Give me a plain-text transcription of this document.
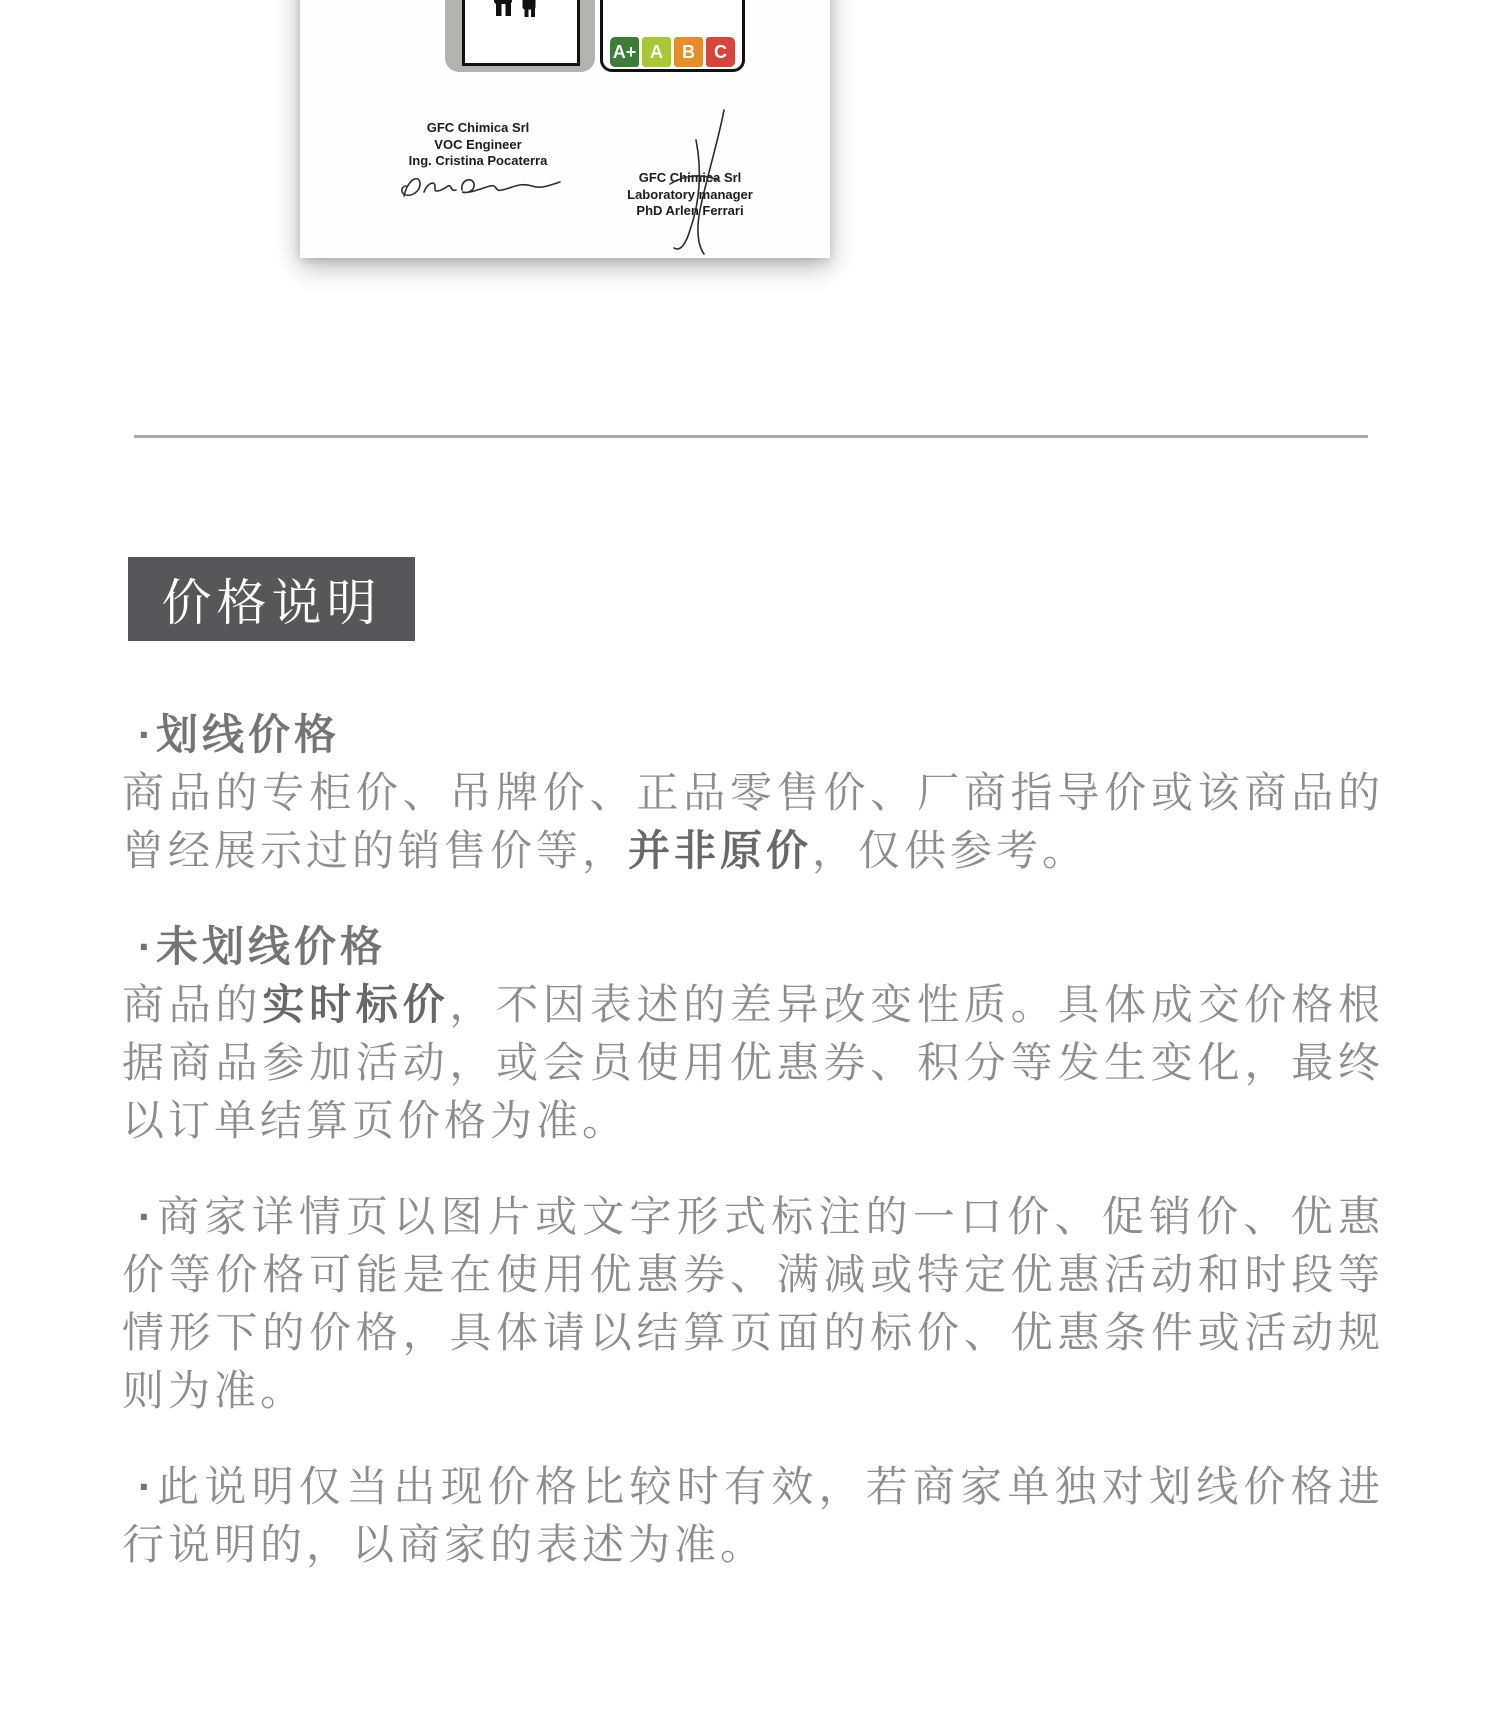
A+ A	B	C
GFC Chimica Srl
VOC Engineer
Ing. Cristina Pocaterra
GFC Chimica Srl
Laboratory manager
PhD Arlen Ferrari
价格说明

·划线价格

商品的专柜价、吊牌价、正品零售价、厂商指导价或该商品的曾经展示过的销售价等，并非原价，仅供参考。

·未划线价格

商品的实时标价，不因表述的差异改变性质。具体成交价格根据商品参加活动，或会员使用优惠券、积分等发生变化，最终以订单结算页价格为准。

·商家详情页以图片或文字形式标注的一口价、促销价、优惠价等价格可能是在使用优惠券、满减或特定优惠活动和时段等情形下的价格，具体请以结算页面的标价、优惠条件或活动规则为准。

·此说明仅当出现价格比较时有效，若商家单独对划线价格进行说明的，以商家的表述为准。
